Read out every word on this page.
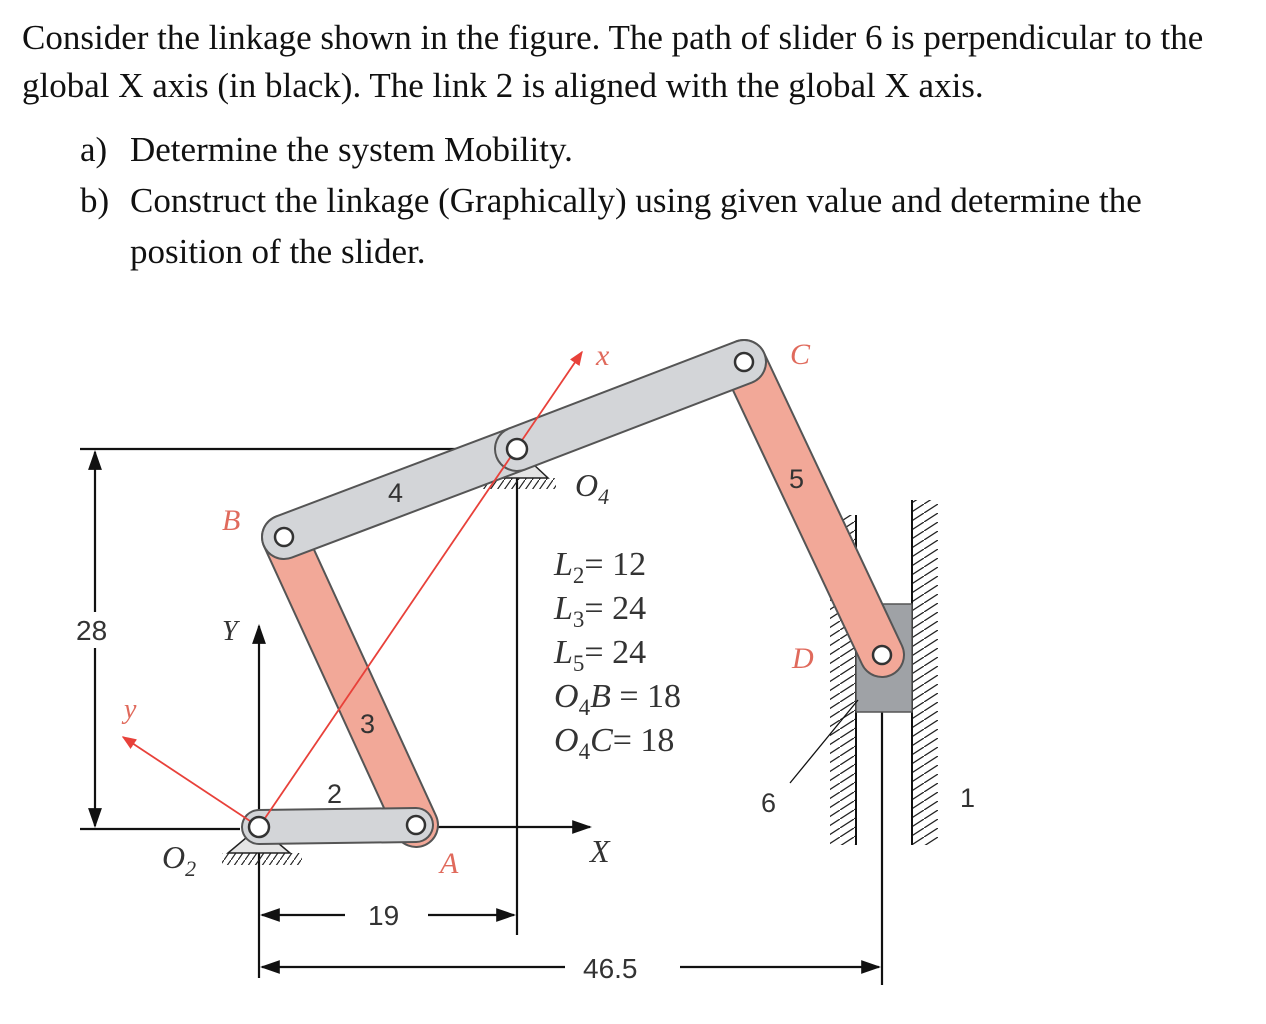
Consider the linkage shown in the figure. The path of slider 6 is perpendicular to the global X axis (in black). The link 2 is aligned with the global X axis.

a) Determine the system Mobility.
b) Construct the linkage (Graphically) using given value and determine the position of the slider.
B
C
D
A
$O_2$
$O_4$
4	5
3
2	6	1
x
y
X
Y
28
19
46.5
$L_2= 12$
$L_3= 24$
$L_5= 24$
$O_4B = 18$
$O_4C= 18$
